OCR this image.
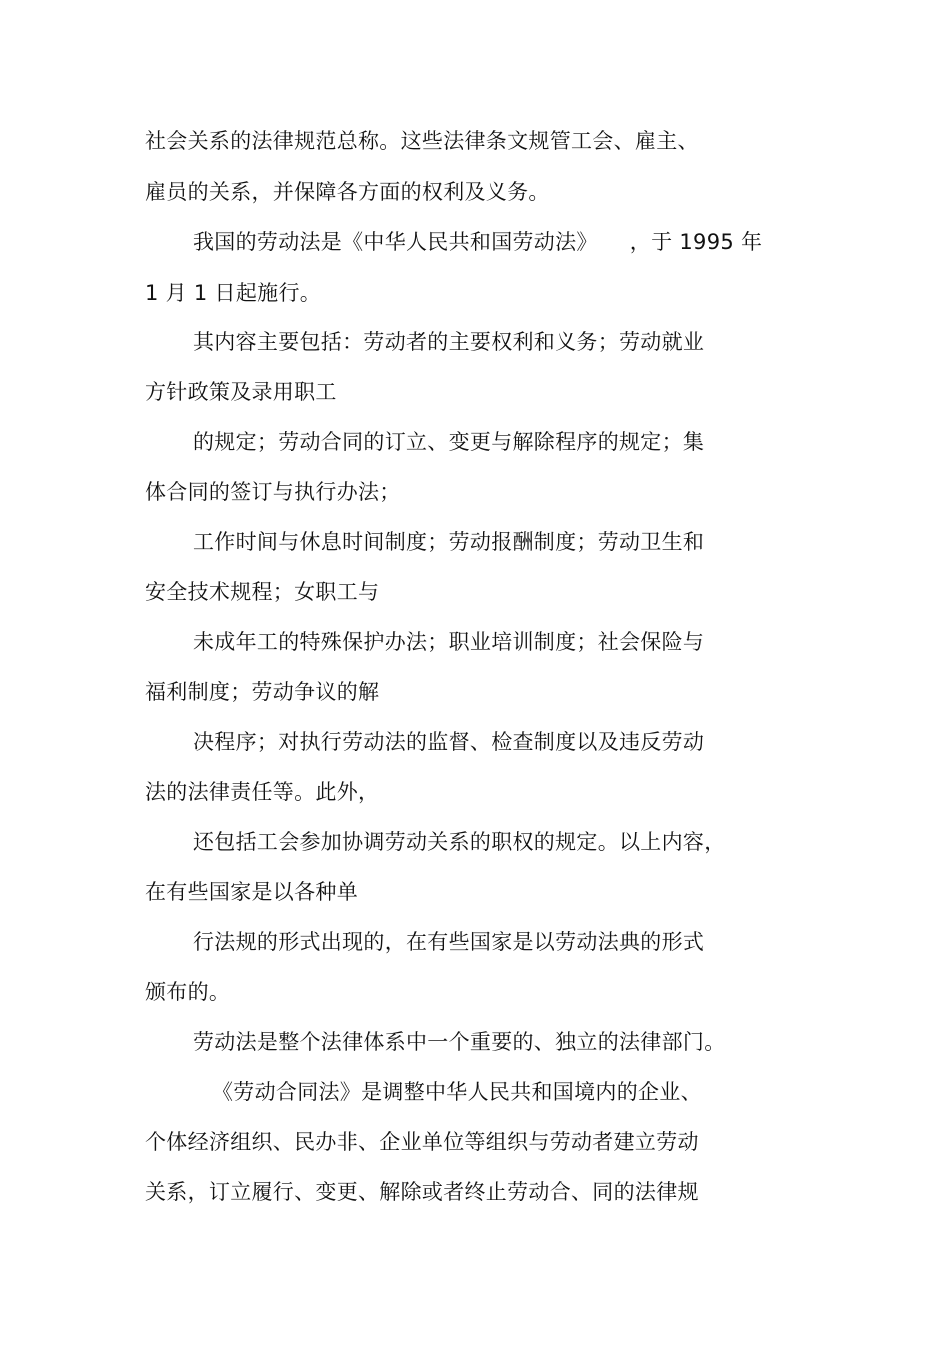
社会关系的法律规范总称。这些法律条文规管工会、雇主、
雇员的关系，并保障各方面的权利及义务。
我国的劳动法是《中华人民共和国劳动法》　　，于 1995 年
1 月 1 日起施行。
其内容主要包括：劳动者的主要权利和义务；劳动就业
方针政策及录用职工
的规定；劳动合同的订立、变更与解除程序的规定；集
体合同的签订与执行办法；
工作时间与休息时间制度；劳动报酬制度；劳动卫生和
安全技术规程；女职工与
未成年工的特殊保护办法；职业培训制度；社会保险与
福利制度；劳动争议的解
决程序；对执行劳动法的监督、检查制度以及违反劳动
法的法律责任等。此外，
还包括工会参加协调劳动关系的职权的规定。以上内容，
在有些国家是以各种单
行法规的形式出现的，在有些国家是以劳动法典的形式
颁布的。
劳动法是整个法律体系中一个重要的、独立的法律部门。
《劳动合同法》是调整中华人民共和国境内的企业、
个体经济组织、民办非、企业单位等组织与劳动者建立劳动
关系，订立履行、变更、解除或者终止劳动合、同的法律规
